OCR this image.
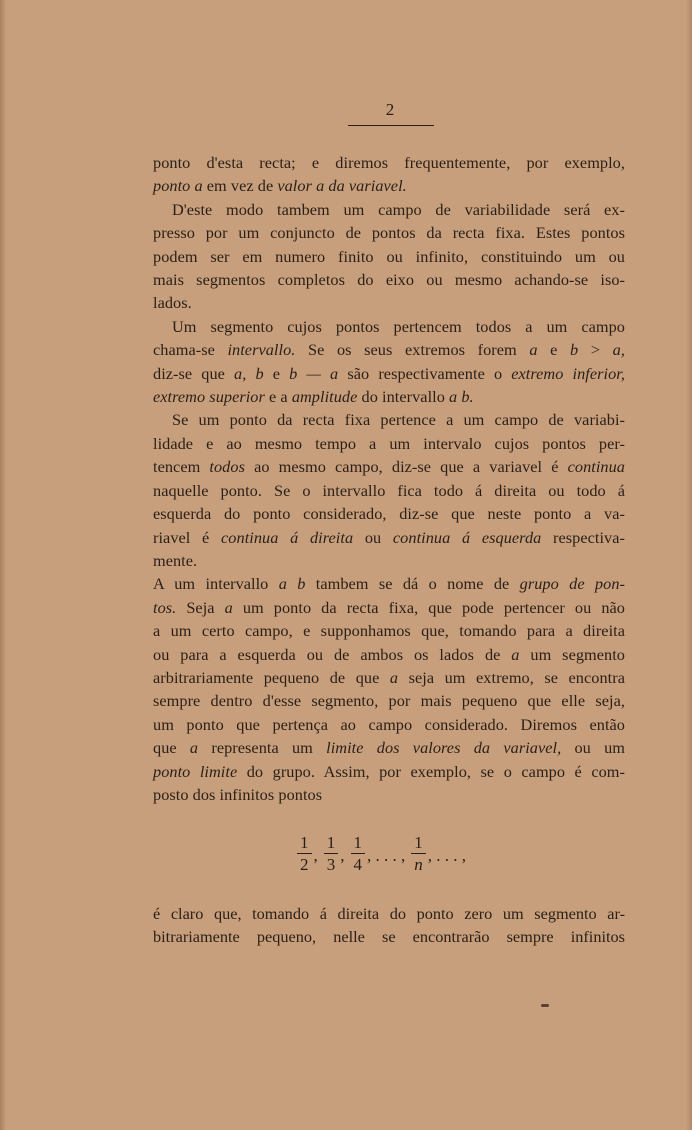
2

ponto d'esta recta; e diremos frequentemente, por exemplo,
ponto a em vez de valor a da variavel.

D'este modo tambem um campo de variabilidade será ex-
presso por um conjuncto de pontos da recta fixa. Estes pontos
podem ser em numero finito ou infinito, constituindo um ou
mais segmentos completos do eixo ou mesmo achando-se iso-
lados.

Um segmento cujos pontos pertencem todos a um campo
chama-se intervallo. Se os seus extremos forem a e b > a,
diz-se que a, b e b — a são respectivamente o extremo inferior,
extremo superior e a amplitude do intervallo a b.

Se um ponto da recta fixa pertence a um campo de variabi-
lidade e ao mesmo tempo a um intervalo cujos pontos per-
tencem todos ao mesmo campo, diz-se que a variavel é continua
naquelle ponto. Se o intervallo fica todo á direita ou todo á
esquerda do ponto considerado, diz-se que neste ponto a va-
riavel é continua á direita ou continua á esquerda respectiva-
mente.

A um intervallo a b tambem se dá o nome de grupo de pon-
tos. Seja a um ponto da recta fixa, que pode pertencer ou não
a um certo campo, e supponhamos que, tomando para a direita
ou para a esquerda ou de ambos os lados de a um segmento
arbitrariamente pequeno de que a seja um extremo, se encontra
sempre dentro d'esse segmento, por mais pequeno que elle seja,
um ponto que pertença ao campo considerado. Diremos então
que a representa um limite dos valores da variavel, ou um
ponto limite do grupo. Assim, por exemplo, se o campo é com-
posto dos infinitos pontos

$\frac{1}{2}$ , $\frac{1}{3}$ , $\frac{1}{4}$ , . . . , $\frac{1}{n}$ , . . . ,
é claro que, tomando á direita do ponto zero um segmento ar-
bitrariamente pequeno, nelle se encontrarão sempre infinitos
